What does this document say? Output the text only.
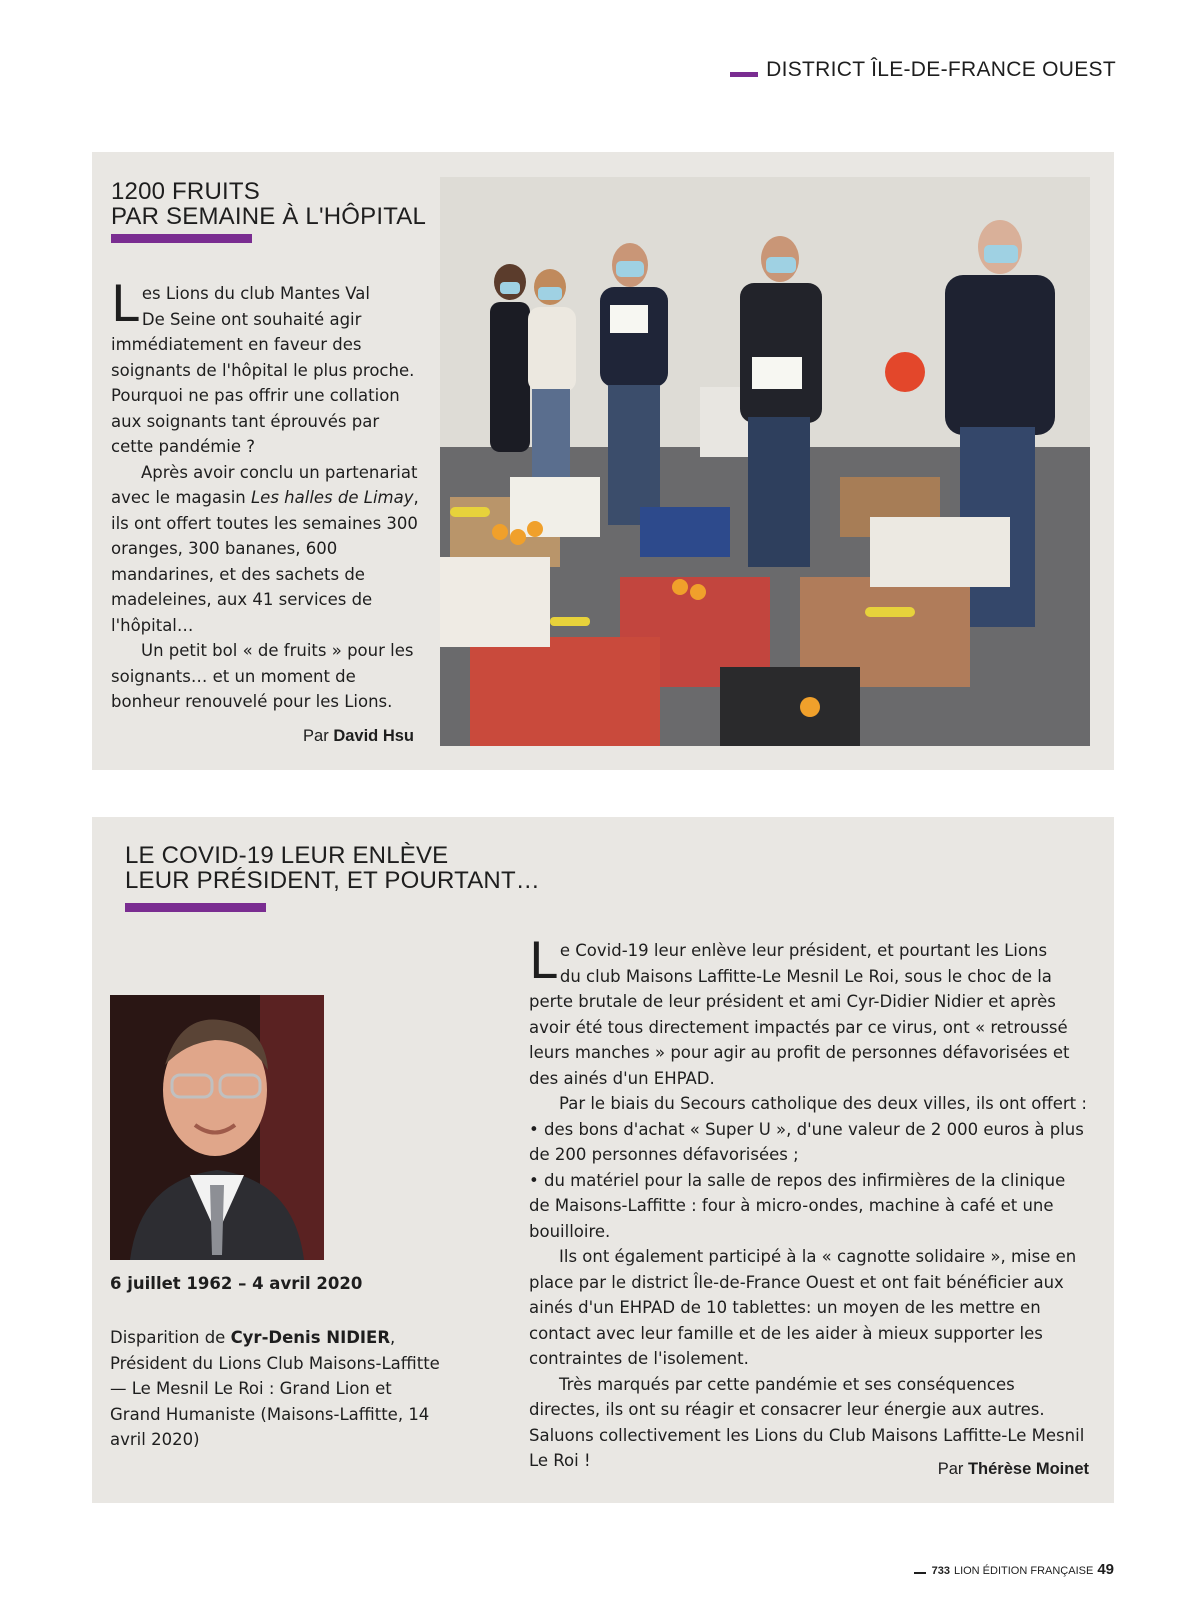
DISTRICT ÎLE-DE-FRANCE OUEST
1200 FRUITS
PAR SEMAINE À L'HÔPITAL

Les Lions du club Mantes Val
De Seine ont souhaité agir
immédiatement en faveur des soignants de l'hôpital le plus proche. Pourquoi ne pas offrir une collation aux soignants tant éprouvés par cette pandémie ?

Après avoir conclu un partenariat avec le magasin Les halles de Limay, ils ont offert toutes les semaines 300 oranges, 300 bananes, 600 mandarines, et des sachets de madeleines, aux 41 services de l'hôpital…

Un petit bol « de fruits » pour les soignants… et un moment de bonheur renouvelé pour les Lions.

Par David Hsu
LE COVID-19 LEUR ENLÈVE
LEUR PRÉSIDENT, ET POURTANT…
6 juillet 1962 – 4 avril 2020
Disparition de Cyr-Denis NIDIER, Président du Lions Club Maisons-Laffitte — Le Mesnil Le Roi : Grand Lion et Grand Humaniste (Maisons-Laffitte, 14 avril 2020)

Le Covid-19 leur enlève leur président, et pourtant les Lions
du club Maisons Laffitte-Le Mesnil Le Roi, sous le choc de la
perte brutale de leur président et ami Cyr-Didier Nidier et après avoir été tous directement impactés par ce virus, ont « retroussé leurs manches » pour agir au profit de personnes défavorisées et des ainés d'un EHPAD.

Par le biais du Secours catholique des deux villes, ils ont offert :

• des bons d'achat « Super U », d'une valeur de 2 000 euros à plus de 200 personnes défavorisées ;

• du matériel pour la salle de repos des infirmières de la clinique de Maisons-Laffitte : four à micro-ondes, machine à café et une bouilloire.

Ils ont également participé à la « cagnotte solidaire », mise en place par le district Île-de-France Ouest et ont fait bénéficier aux ainés d'un EHPAD de 10 tablettes: un moyen de les mettre en contact avec leur famille et de les aider à mieux supporter les contraintes de l'isolement.

Très marqués par cette pandémie et ses conséquences directes, ils ont su réagir et consacrer leur énergie aux autres. Saluons collectivement les Lions du Club Maisons Laffitte-Le Mesnil Le Roi !	Par Thérèse Moinet
733 LION ÉDITION FRANÇAISE 49
